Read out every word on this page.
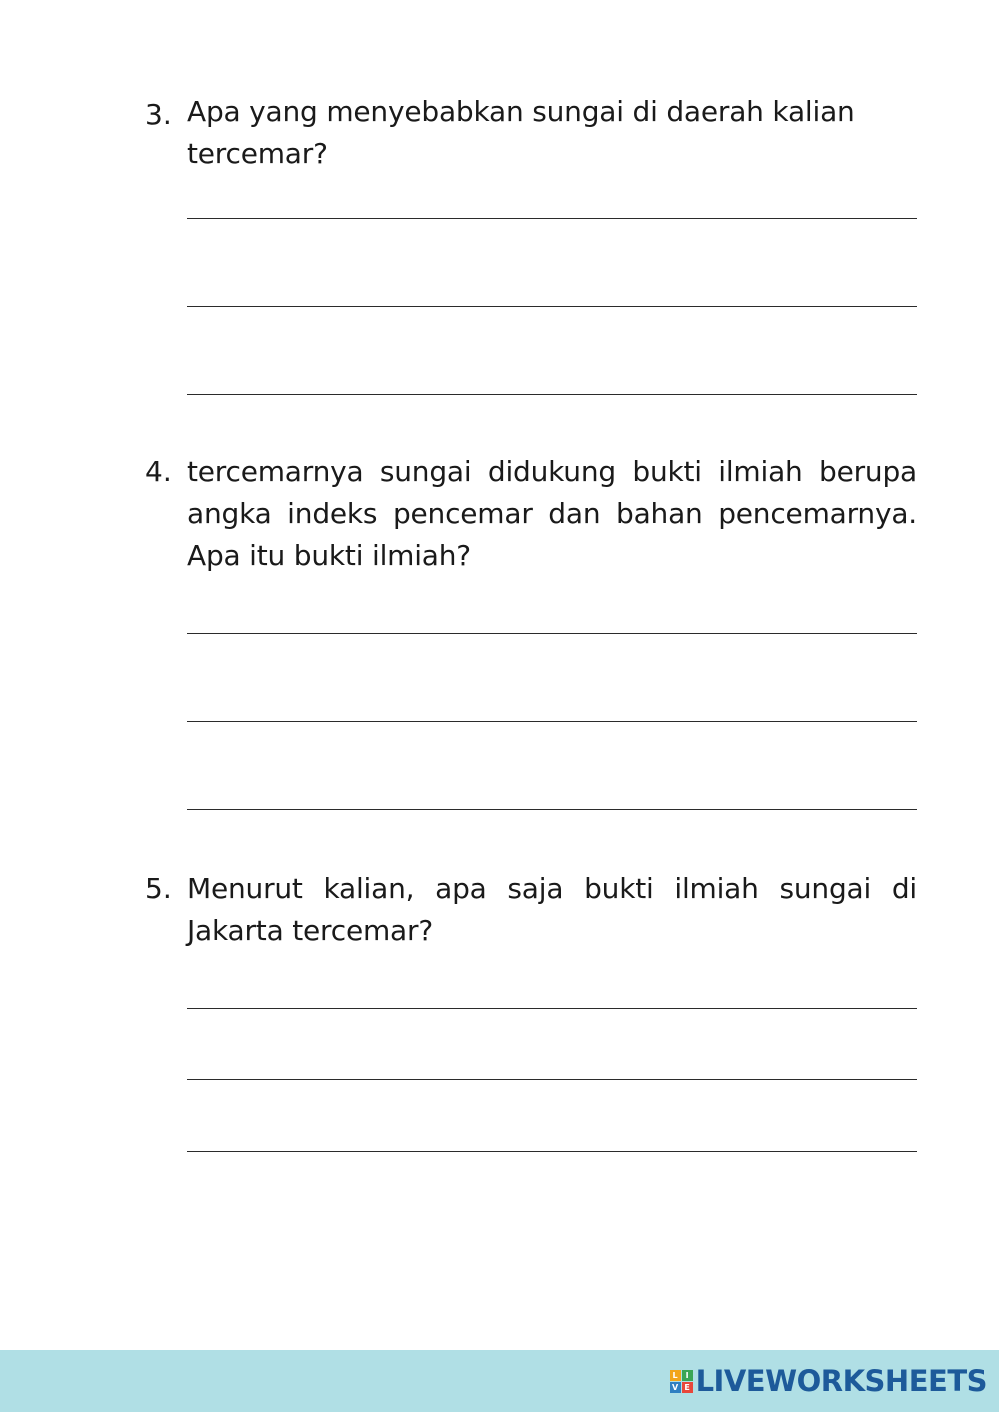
3. Apa yang menyebabkan sungai di daerah kalian tercemar?
4. tercemarnya sungai didukung bukti ilmiah berupa angka indeks pencemar dan bahan pencemarnya. Apa itu bukti ilmiah?
5. Menurut kalian, apa saja bukti ilmiah sungai di Jakarta tercemar?
L I
V E LIVEWORKSHEETS
